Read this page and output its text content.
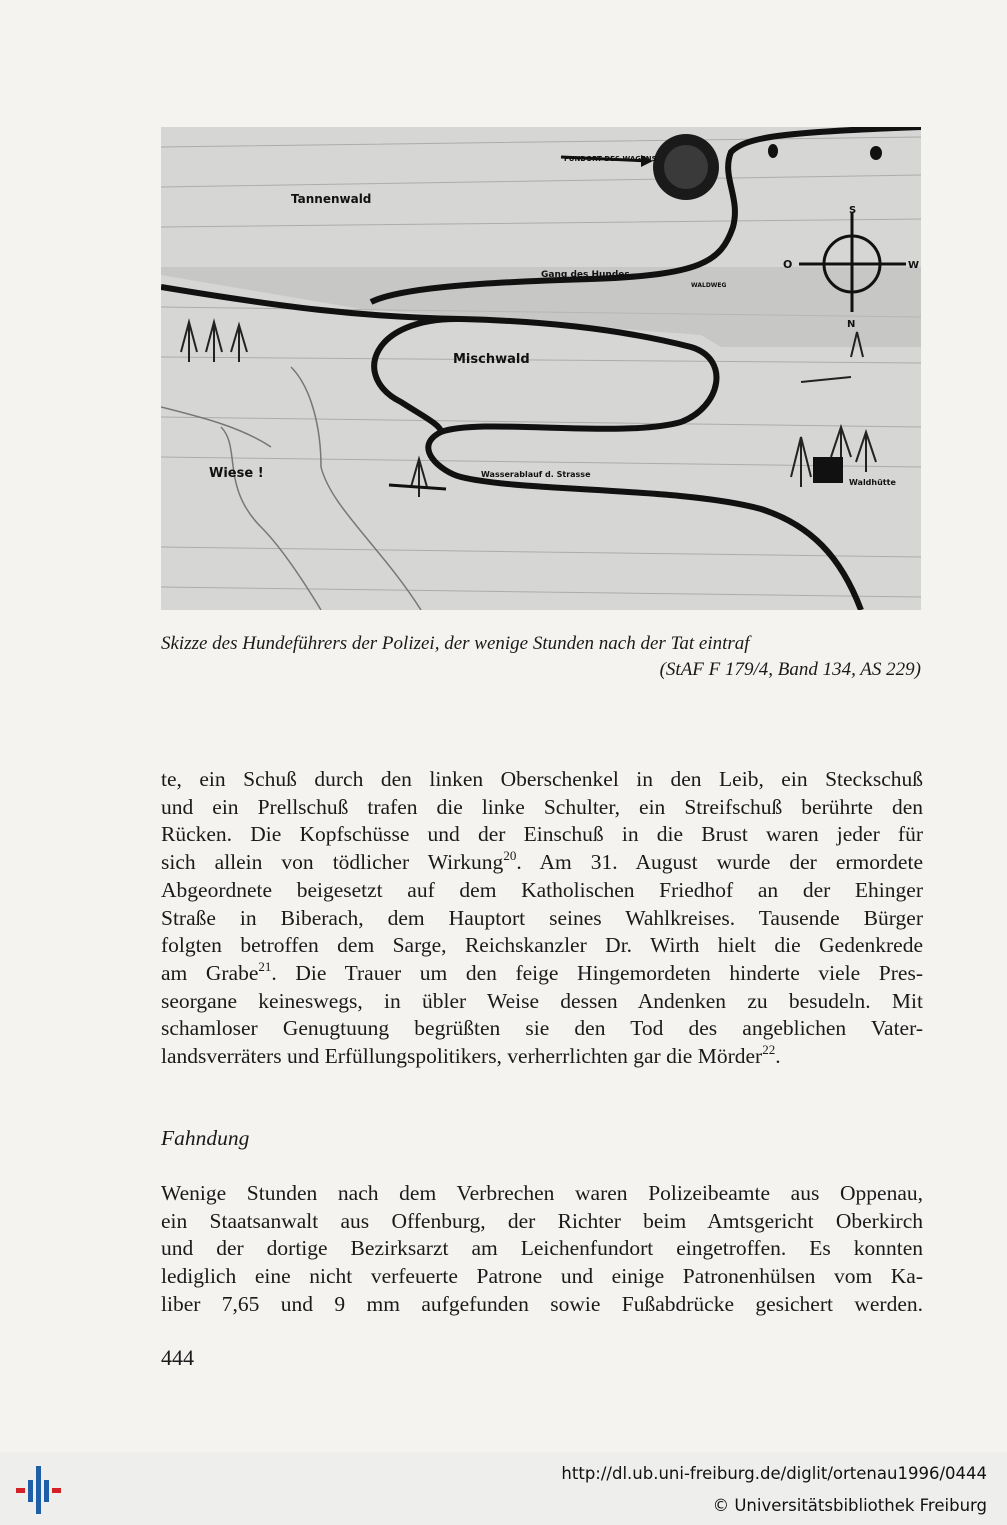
FUNDORT DES WAGENS
Tannenwald
Gang des Hundes
WALDWEG
Mischwald
Wiese !	Wasserablauf d. Strasse
Waldhütte
S
O	W
N
Skizze des Hundeführers der Polizei, der wenige Stunden nach der Tat eintraf
(StAF F 179/4, Band 134, AS 229)
te, ein Schuß durch den linken Oberschenkel in den Leib, ein Steckschuß
und ein Prellschuß trafen die linke Schulter, ein Streifschuß berührte den
Rücken. Die Kopfschüsse und der Einschuß in die Brust waren jeder für
sich allein von tödlicher Wirkung$^{20}$. Am 31. August wurde der ermordete
Abgeordnete beigesetzt auf dem Katholischen Friedhof an der Ehinger
Straße in Biberach, dem Hauptort seines Wahlkreises. Tausende Bürger
folgten betroffen dem Sarge, Reichskanzler Dr. Wirth hielt die Gedenkrede
am Grabe$^{21}$. Die Trauer um den feige Hingemordeten hinderte viele Pres-
seorgane keineswegs, in übler Weise dessen Andenken zu besudeln. Mit
schamloser Genugtuung begrüßten sie den Tod des angeblichen Vater-
landsverräters und Erfüllungspolitikers, verherrlichten gar die Mörder$^{22}$.
Fahndung
Wenige Stunden nach dem Verbrechen waren Polizeibeamte aus Oppenau,
ein Staatsanwalt aus Offenburg, der Richter beim Amtsgericht Oberkirch
und der dortige Bezirksarzt am Leichenfundort eingetroffen. Es konnten
lediglich eine nicht verfeuerte Patrone und einige Patronenhülsen vom Ka-
liber 7,65 und 9 mm aufgefunden sowie Fußabdrücke gesichert werden.
444
http://dl.ub.uni-freiburg.de/diglit/ortenau1996/0444
© Universitätsbibliothek Freiburg
